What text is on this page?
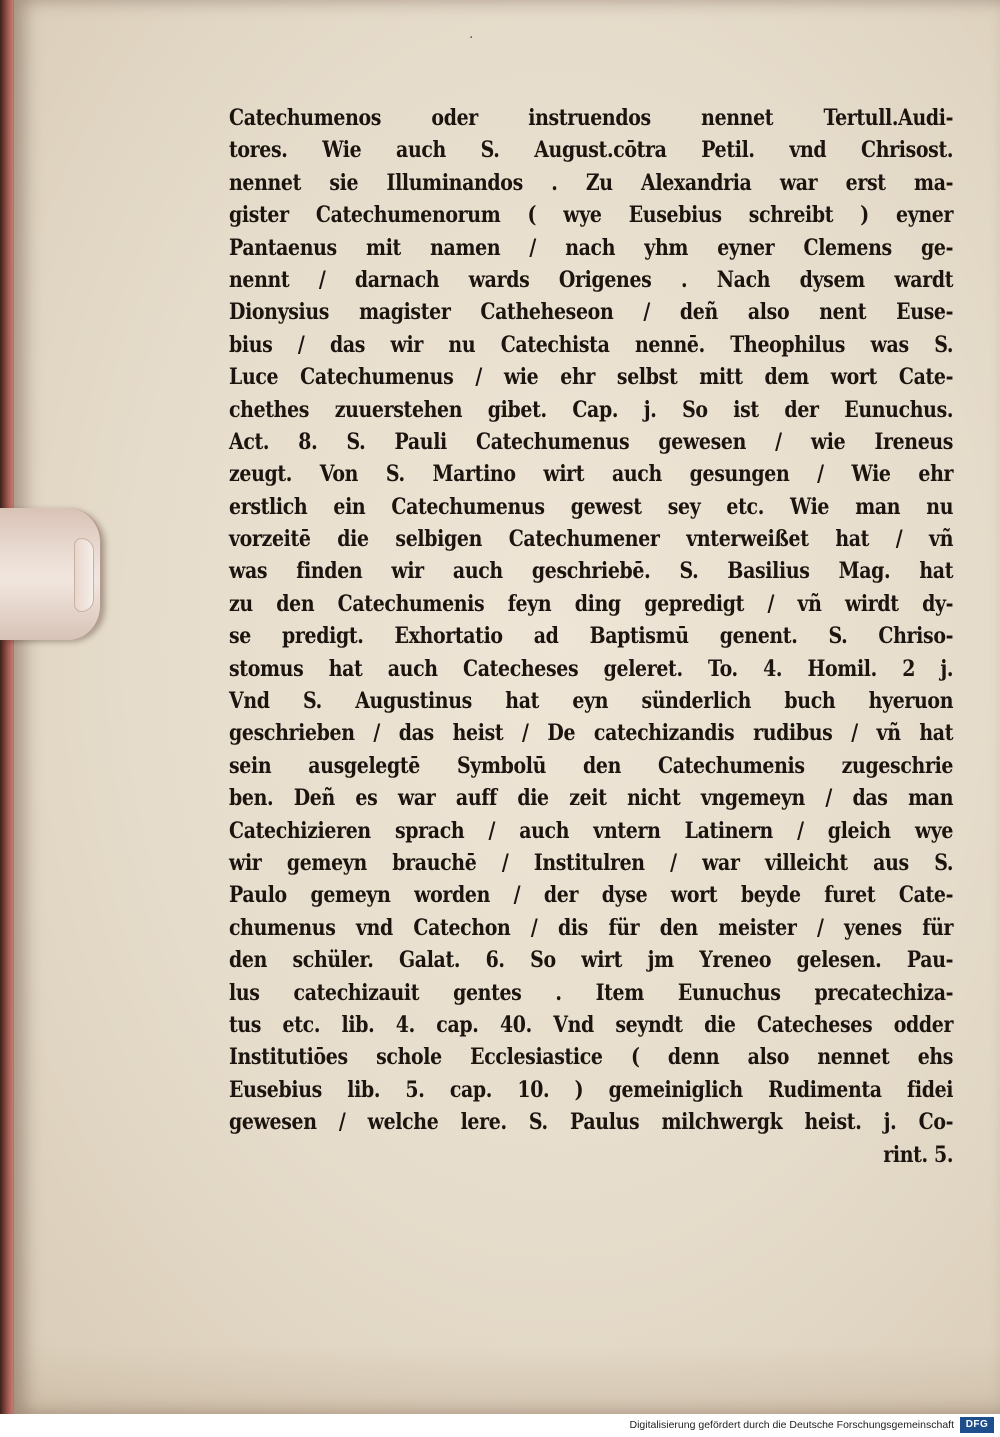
·
Catechumenos oder instruendos nennet Tertull.Audi-
tores. Wie auch S. August.cōtra Petil. vnd Chrisost.
nennet sie Illuminandos . Zu Alexandria war erst ma-
gister Catechumenorum ( wye Eusebius schreibt ) eyner
Pantaenus mit namen / nach yhm eyner Clemens ge-
nennt / darnach wards Origenes . Nach dysem wardt
Dionysius magister Catheheseon / deñ also nent Euse-
bius / das wir nu Catechista nennē. Theophilus was S.
Luce Catechumenus / wie ehr selbst mitt dem wort Cate-
chethes zuuerstehen gibet. Cap. j. So ist der Eunuchus.
Act. 8. S. Pauli Catechumenus gewesen / wie Ireneus
zeugt. Von S. Martino wirt auch gesungen / Wie ehr
erstlich ein Catechumenus gewest sey etc. Wie man nu
vorzeitē die selbigen Catechumener vnterweißet hat / vñ
was finden wir auch geschriebē. S. Basilius Mag. hat
zu den Catechumenis feyn ding gepredigt / vñ wirdt dy-
se predigt. Exhortatio ad Baptismū genent. S. Chriso-
stomus hat auch Catecheses geleret. To. 4. Homil. 2 j.
Vnd S. Augustinus hat eyn sünderlich buch hyeruon
geschrieben / das heist / De catechizandis rudibus / vñ hat
sein ausgelegtē Symbolū den Catechumenis zugeschrie
ben. Deñ es war auff die zeit nicht vngemeyn / das man
Catechizieren sprach / auch vntern Latinern / gleich wye
wir gemeyn brauchē / Institulren / war villeicht aus S.
Paulo gemeyn worden / der dyse wort beyde furet Cate-
chumenus vnd Catechon / dis für den meister / yenes für
den schüler. Galat. 6. So wirt jm Yreneo gelesen. Pau-
lus catechizauit gentes . Item Eunuchus precatechiza-
tus etc. lib. 4. cap. 40. Vnd seyndt die Catecheses odder
Institutiōes schole Ecclesiastice ( denn also nennet ehs
Eusebius lib. 5. cap. 10. ) gemeiniglich Rudimenta fidei
gewesen / welche lere. S. Paulus milchwergk heist. j. Co-
rint. 5.
Digitalisierung gefördert durch die Deutsche Forschungsgemeinschaft	DFG
